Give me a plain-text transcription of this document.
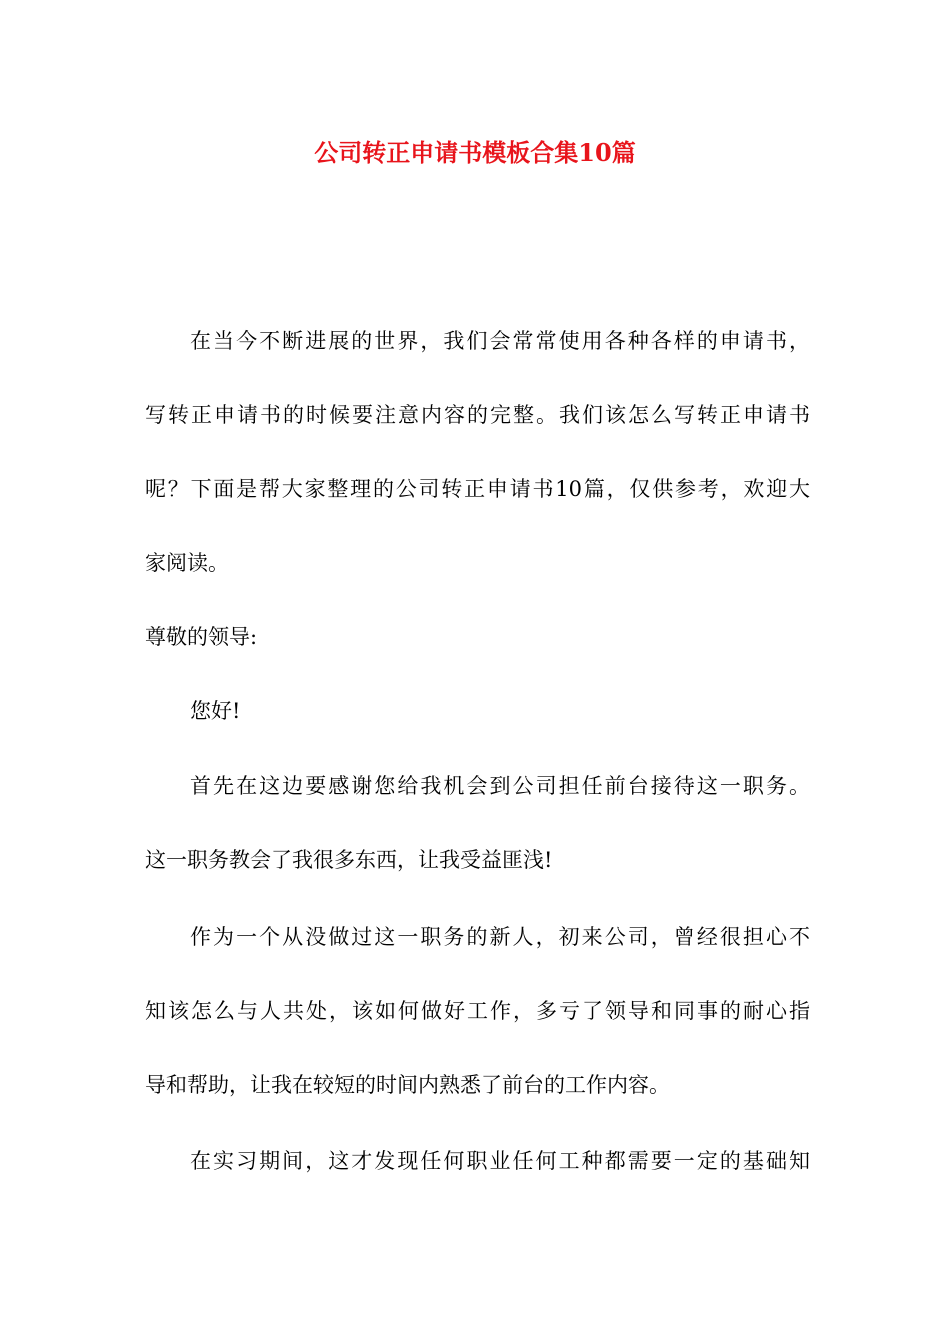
公司转正申请书模板合集10篇
在当今不断进展的世界，我们会常常使用各种各样的申请书，
写转正申请书的时候要注意内容的完整。我们该怎么写转正申请书
呢？下面是帮大家整理的公司转正申请书10篇，仅供参考，欢迎大
家阅读。
尊敬的领导:
您好!
首先在这边要感谢您给我机会到公司担任前台接待这一职务。
这一职务教会了我很多东西，让我受益匪浅!
作为一个从没做过这一职务的新人，初来公司，曾经很担心不
知该怎么与人共处，该如何做好工作，多亏了领导和同事的耐心指
导和帮助，让我在较短的时间内熟悉了前台的工作内容。
在实习期间，这才发现任何职业任何工种都需要一定的基础知
